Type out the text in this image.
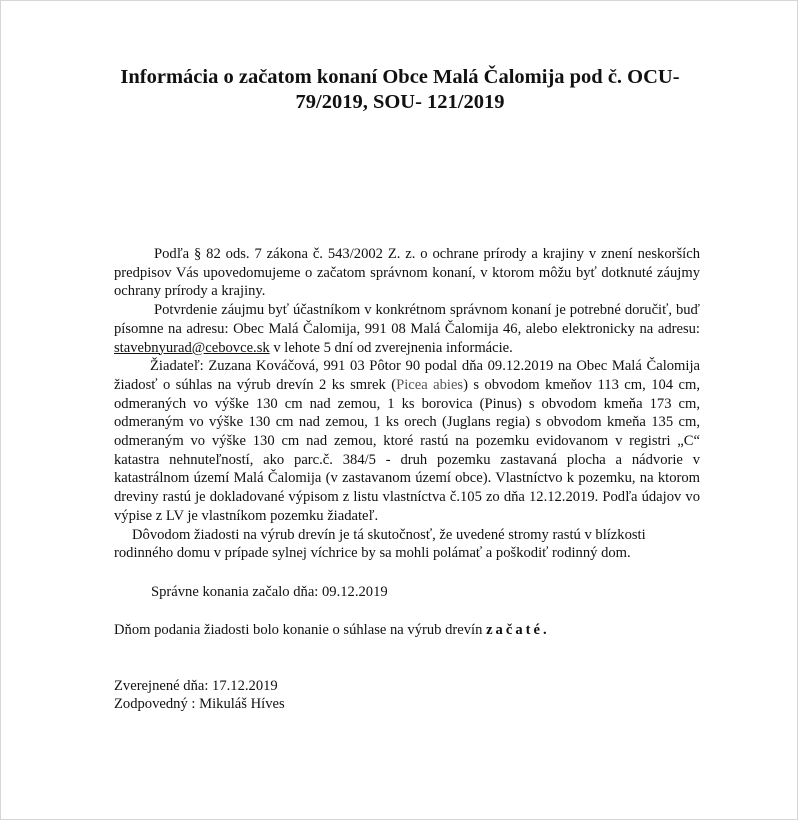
Informácia o začatom konaní Obce Malá Čalomija pod č. OCU-
79/2019, SOU- 121/2019

Podľa § 82 ods. 7 zákona č. 543/2002 Z. z. o ochrane prírody a krajiny v znení neskorších predpisov Vás upovedomujeme o začatom správnom konaní, v ktorom môžu byť dotknuté záujmy ochrany prírody a krajiny.

Potvrdenie záujmu byť účastníkom v konkrétnom správnom konaní je potrebné doručiť, buď písomne na adresu: Obec Malá Čalomija, 991 08 Malá Čalomija 46, alebo elektronicky na adresu: stavebnyurad@cebovce.sk v lehote 5 dní od zverejnenia informácie.

Žiadateľ: Zuzana Kováčová, 991 03 Pôtor 90 podal dňa 09.12.2019 na Obec Malá Čalomija žiadosť o súhlas na výrub drevín 2 ks smrek (Picea abies) s obvodom kmeňov 113 cm, 104 cm, odmeraných vo výške 130 cm nad zemou, 1 ks borovica (Pinus) s obvodom kmeňa 173 cm, odmeraným vo výške 130 cm nad zemou, 1 ks orech (Juglans regia) s obvodom kmeňa 135 cm, odmeraným vo výške 130 cm nad zemou, ktoré rastú na pozemku evidovanom v registri „C“ katastra nehnuteľností, ako parc.č. 384/5 - druh pozemku zastavaná plocha a nádvorie v katastrálnom území Malá Čalomija (v zastavanom území obce). Vlastníctvo k pozemku, na ktorom dreviny rastú je dokladované výpisom z listu vlastníctva č.105 zo dňa 12.12.2019. Podľa údajov vo výpise z LV je vlastníkom pozemku žiadateľ.

Dôvodom žiadosti na výrub drevín je tá skutočnosť, že uvedené stromy rastú v blízkosti rodinného domu v prípade sylnej víchrice by sa mohli polámať a poškodiť rodinný dom.

Správne konania začalo dňa: 09.12.2019

Dňom podania žiadosti bolo konanie o súhlase na výrub drevín začaté.

Zverejnené dňa: 17.12.2019

Zodpovedný : Mikuláš Híves
